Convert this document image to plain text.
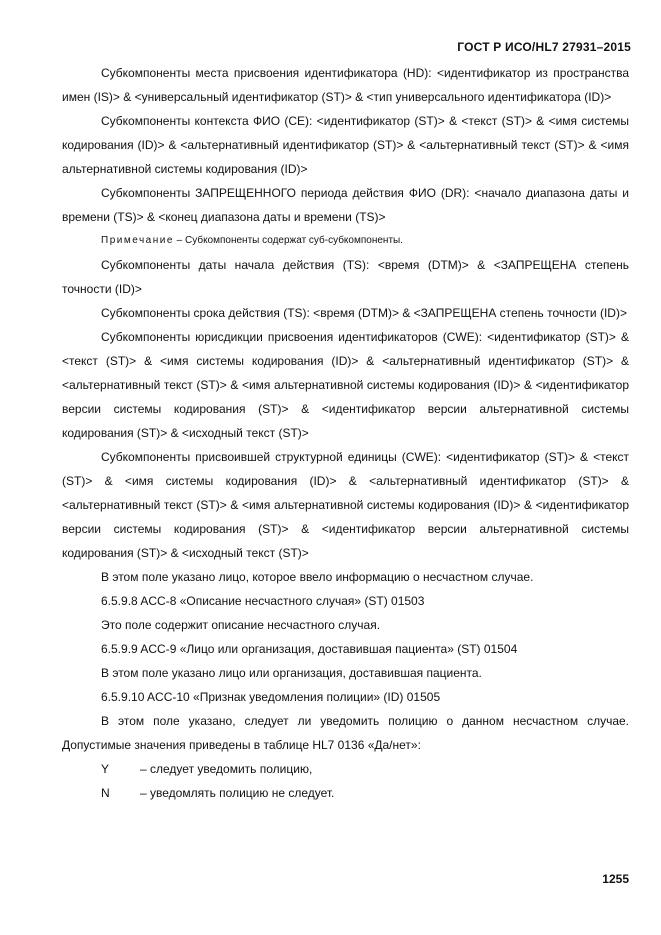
ГОСТ Р ИСО/HL7 27931–2015

Субкомпоненты места присвоения идентификатора (HD): <идентификатор из пространства имен (IS)> & <универсальный идентификатор (ST)> & <тип универсального идентификатора (ID)>

Субкомпоненты контекста ФИО (CE): <идентификатор (ST)> & <текст (ST)> & <имя системы кодирования (ID)> & <альтернативный идентификатор (ST)> & <альтернативный текст (ST)> & <имя альтернативной системы кодирования (ID)>

Субкомпоненты ЗАПРЕЩЕННОГО периода действия ФИО (DR): <начало диапазона даты и времени (TS)> & <конец диапазона даты и времени (TS)>

Примечание – Субкомпоненты содержат суб-субкомпоненты.

Субкомпоненты даты начала действия (TS): <время (DTM)> & <ЗАПРЕЩЕНА степень точности (ID)>

Субкомпоненты срока действия (TS): <время (DTM)> & <ЗАПРЕЩЕНА степень точности (ID)>

Субкомпоненты юрисдикции присвоения идентификаторов (CWE): <идентификатор (ST)> & <текст (ST)> & <имя системы кодирования (ID)> & <альтернативный идентификатор (ST)> & <альтернативный текст (ST)> & <имя альтернативной системы кодирования (ID)> & <идентификатор версии системы кодирования (ST)> & <идентификатор версии альтернативной системы кодирования (ST)> & <исходный текст (ST)>

Субкомпоненты присвоившей структурной единицы (CWE): <идентификатор (ST)> & <текст (ST)> & <имя системы кодирования (ID)> & <альтернативный идентификатор (ST)> & <альтернативный текст (ST)> & <имя альтернативной системы кодирования (ID)> & <идентификатор версии системы кодирования (ST)> & <идентификатор версии альтернативной системы кодирования (ST)> & <исходный текст (ST)>

В этом поле указано лицо, которое ввело информацию о несчастном случае.

6.5.9.8 ACC-8 «Описание несчастного случая» (ST) 01503

Это поле содержит описание несчастного случая.

6.5.9.9 ACC-9 «Лицо или организация, доставившая пациента» (ST) 01504

В этом поле указано лицо или организация, доставившая пациента.

6.5.9.10 ACC-10 «Признак уведомления полиции» (ID) 01505

В этом поле указано, следует ли уведомить полицию о данном несчастном случае. Допустимые значения приведены в таблице HL7 0136 «Да/нет»:

Y	– следует уведомить полицию,
N	– уведомлять полицию не следует.
1255
